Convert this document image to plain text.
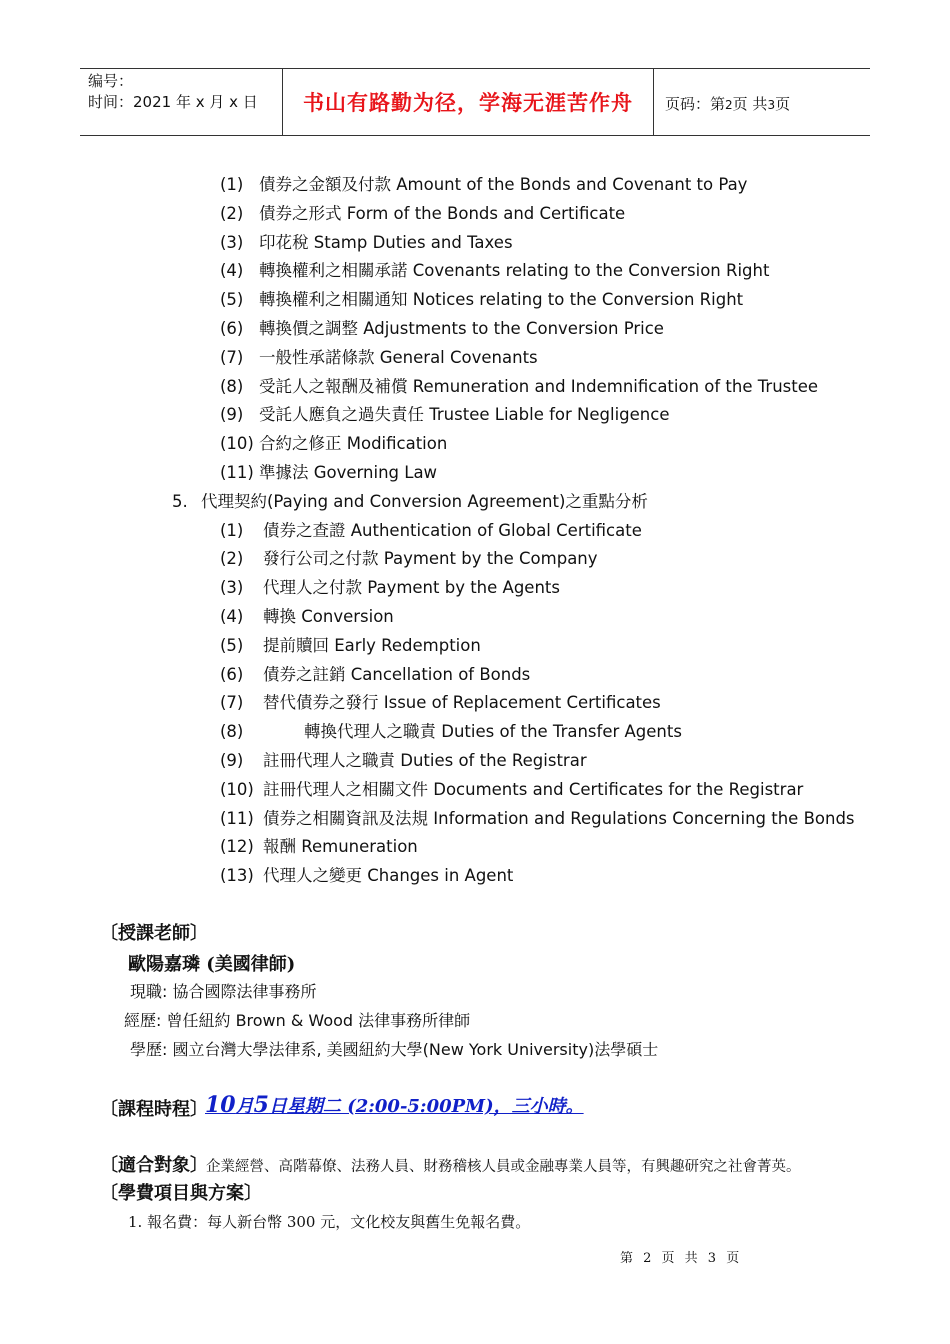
编号：
时间：2021 年 x 月 x 日	书山有路勤为径，学海无涯苦作舟	页码：第2页 共3页
(1) 債券之金額及付款 Amount of the Bonds and Covenant to Pay
(2) 債券之形式 Form of the Bonds and Certificate
(3) 印花稅 Stamp Duties and Taxes
(4) 轉換權利之相關承諾 Covenants relating to the Conversion Right
(5) 轉換權利之相關通知 Notices relating to the Conversion Right
(6) 轉換價之調整 Adjustments to the Conversion Price
(7) 一般性承諾條款 General Covenants
(8) 受託人之報酬及補償 Remuneration and Indemnification of the Trustee
(9) 受託人應負之過失責任 Trustee Liable for Negligence
(10) 合約之修正 Modification
(11) 準據法 Governing Law
5. 代理契約(Paying and Conversion Agreement)之重點分析
(1) 債券之查證 Authentication of Global Certificate
(2) 發行公司之付款 Payment by the Company
(3) 代理人之付款 Payment by the Agents
(4) 轉換 Conversion
(5) 提前贖回 Early Redemption
(6) 債券之註銷 Cancellation of Bonds
(7) 替代債券之發行 Issue of Replacement Certificates
(8)	轉換代理人之職責 Duties of the Transfer Agents
(9) 註冊代理人之職責 Duties of the Registrar
(10) 註冊代理人之相關文件 Documents and Certificates for the Registrar
(11) 債券之相關資訊及法規 Information and Regulations Concerning the Bonds
(12) 報酬 Remuneration
(13) 代理人之變更 Changes in Agent
〔授課老師〕
歐陽嘉璘 (美國律師)
現職: 協合國際法律事務所
經歷: 曾任紐約 Brown & Wood 法律事務所律師
學歷: 國立台灣大學法律系, 美國紐約大學(New York University)法學碩士
〔課程時程〕
10月5日星期二 (2:00-5:00PM)，三小時。
〔適合對象〕
企業經營、高階幕僚、法務人員、財務稽核人員或金融專業人員等，有興趣研究之社會菁英。
〔學費項目與方案〕
1. 報名費：每人新台幣 300 元，文化校友與舊生免報名費。
第 2 页 共 3 页
